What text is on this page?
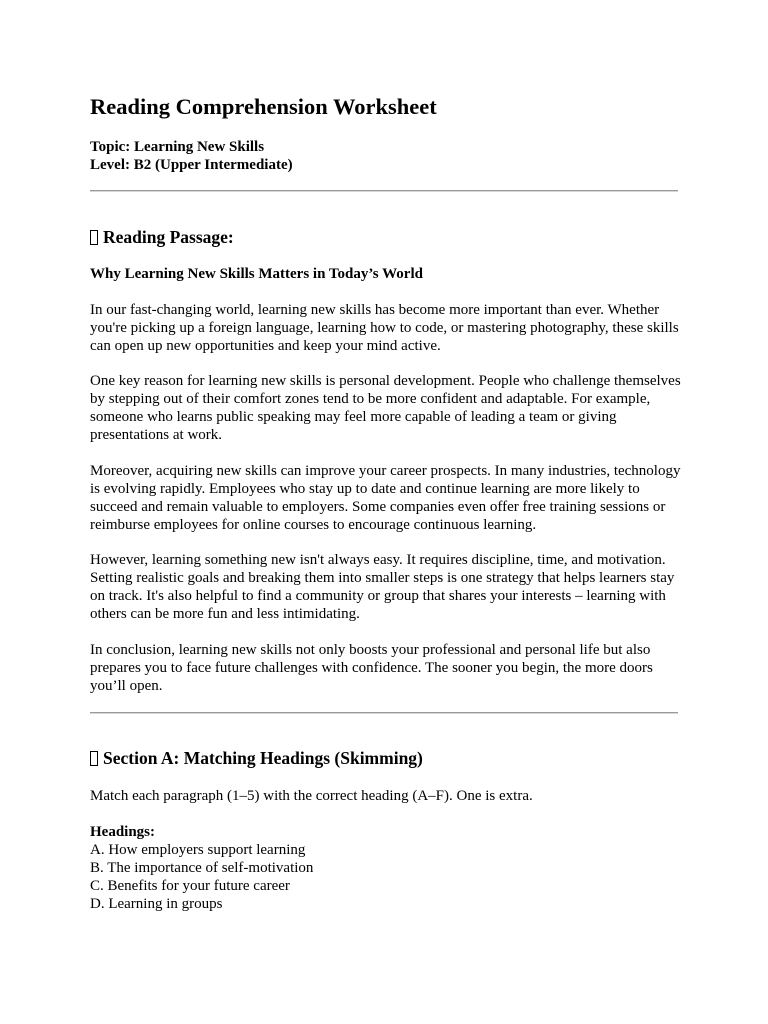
Reading Comprehension Worksheet
Topic: Learning New Skills
Level: B2 (Upper Intermediate)
Reading Passage:
Why Learning New Skills Matters in Today’s World

In our fast-changing world, learning new skills has become more important than ever. Whether you're picking up a foreign language, learning how to code, or mastering photography, these skills can open up new opportunities and keep your mind active.

One key reason for learning new skills is personal development. People who challenge themselves by stepping out of their comfort zones tend to be more confident and adaptable. For example, someone who learns public speaking may feel more capable of leading a team or giving presentations at work.

Moreover, acquiring new skills can improve your career prospects. In many industries, technology is evolving rapidly. Employees who stay up to date and continue learning are more likely to succeed and remain valuable to employers. Some companies even offer free training sessions or reimburse employees for online courses to encourage continuous learning.

However, learning something new isn't always easy. It requires discipline, time, and motivation. Setting realistic goals and breaking them into smaller steps is one strategy that helps learners stay on track. It's also helpful to find a community or group that shares your interests – learning with others can be more fun and less intimidating.

In conclusion, learning new skills not only boosts your professional and personal life but also prepares you to face future challenges with confidence. The sooner you begin, the more doors you’ll open.

Section A: Matching Headings (Skimming)
Match each paragraph (1–5) with the correct heading (A–F). One is extra.
Headings:
A. How employers support learning
B. The importance of self-motivation
C. Benefits for your future career
D. Learning in groups
